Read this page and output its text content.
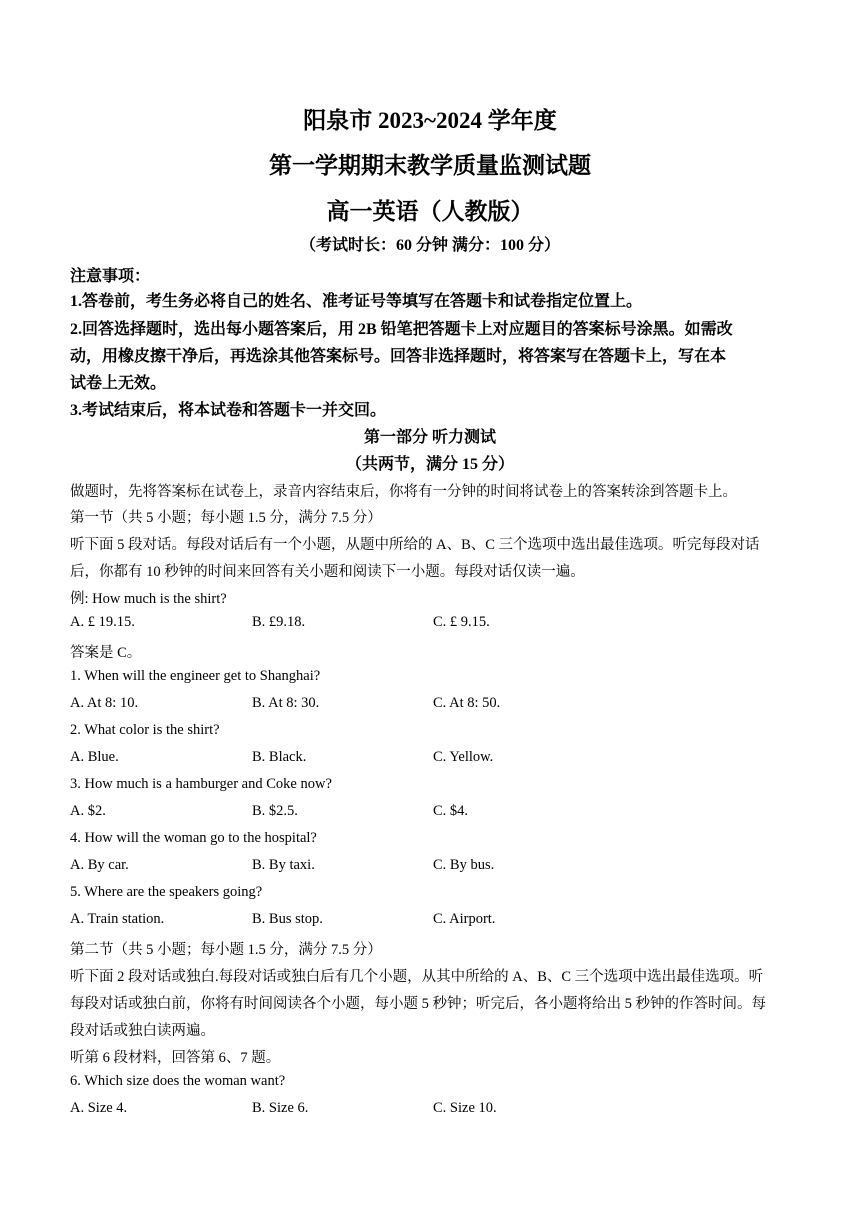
阳泉市 2023~2024 学年度
第一学期期末教学质量监测试题
高一英语（人教版）
（考试时长：60 分钟 满分：100 分）
注意事项：
1.答卷前，考生务必将自己的姓名、准考证号等填写在答题卡和试卷指定位置上。
2.回答选择题时，选出每小题答案后，用 2B 铅笔把答题卡上对应题目的答案标号涂黑。如需改
动，用橡皮擦干净后，再选涂其他答案标号。回答非选择题时，将答案写在答题卡上，写在本
试卷上无效。
3.考试结束后，将本试卷和答题卡一并交回。
第一部分 听力测试
（共两节，满分 15 分）
做题时，先将答案标在试卷上，录音内容结束后，你将有一分钟的时间将试卷上的答案转涂到答题卡上。
第一节（共 5 小题；每小题 1.5 分，满分 7.5 分）
听下面 5 段对话。每段对话后有一个小题，从题中所给的 A、B、C 三个选项中选出最佳选项。听完每段对话
后，你都有 10 秒钟的时间来回答有关小题和阅读下一小题。每段对话仅读一遍。
例: How much is the shirt?
A. £ 19.15.	B. £9.18.	C. £ 9.15.
答案是 C。
1. When will the engineer get to Shanghai?
A. At 8: 10.	B. At 8: 30.	C. At 8: 50.
2. What color is the shirt?
A. Blue.	B. Black.	C. Yellow.
3. How much is a hamburger and Coke now?
A. $2.	B. $2.5.	C. $4.
4. How will the woman go to the hospital?
A. By car.	B. By taxi.	C. By bus.
5. Where are the speakers going?
A. Train station.	B. Bus stop.	C. Airport.
第二节（共 5 小题；每小题 1.5 分，满分 7.5 分）
听下面 2 段对话或独白.每段对话或独白后有几个小题，从其中所给的 A、B、C 三个选项中选出最佳选项。听
每段对话或独白前，你将有时间阅读各个小题，每小题 5 秒钟；听完后，各小题将给出 5 秒钟的作答时间。每
段对话或独白读两遍。
听第 6 段材料，回答第 6、7 题。
6. Which size does the woman want?
A. Size 4.	B. Size 6.	C. Size 10.
